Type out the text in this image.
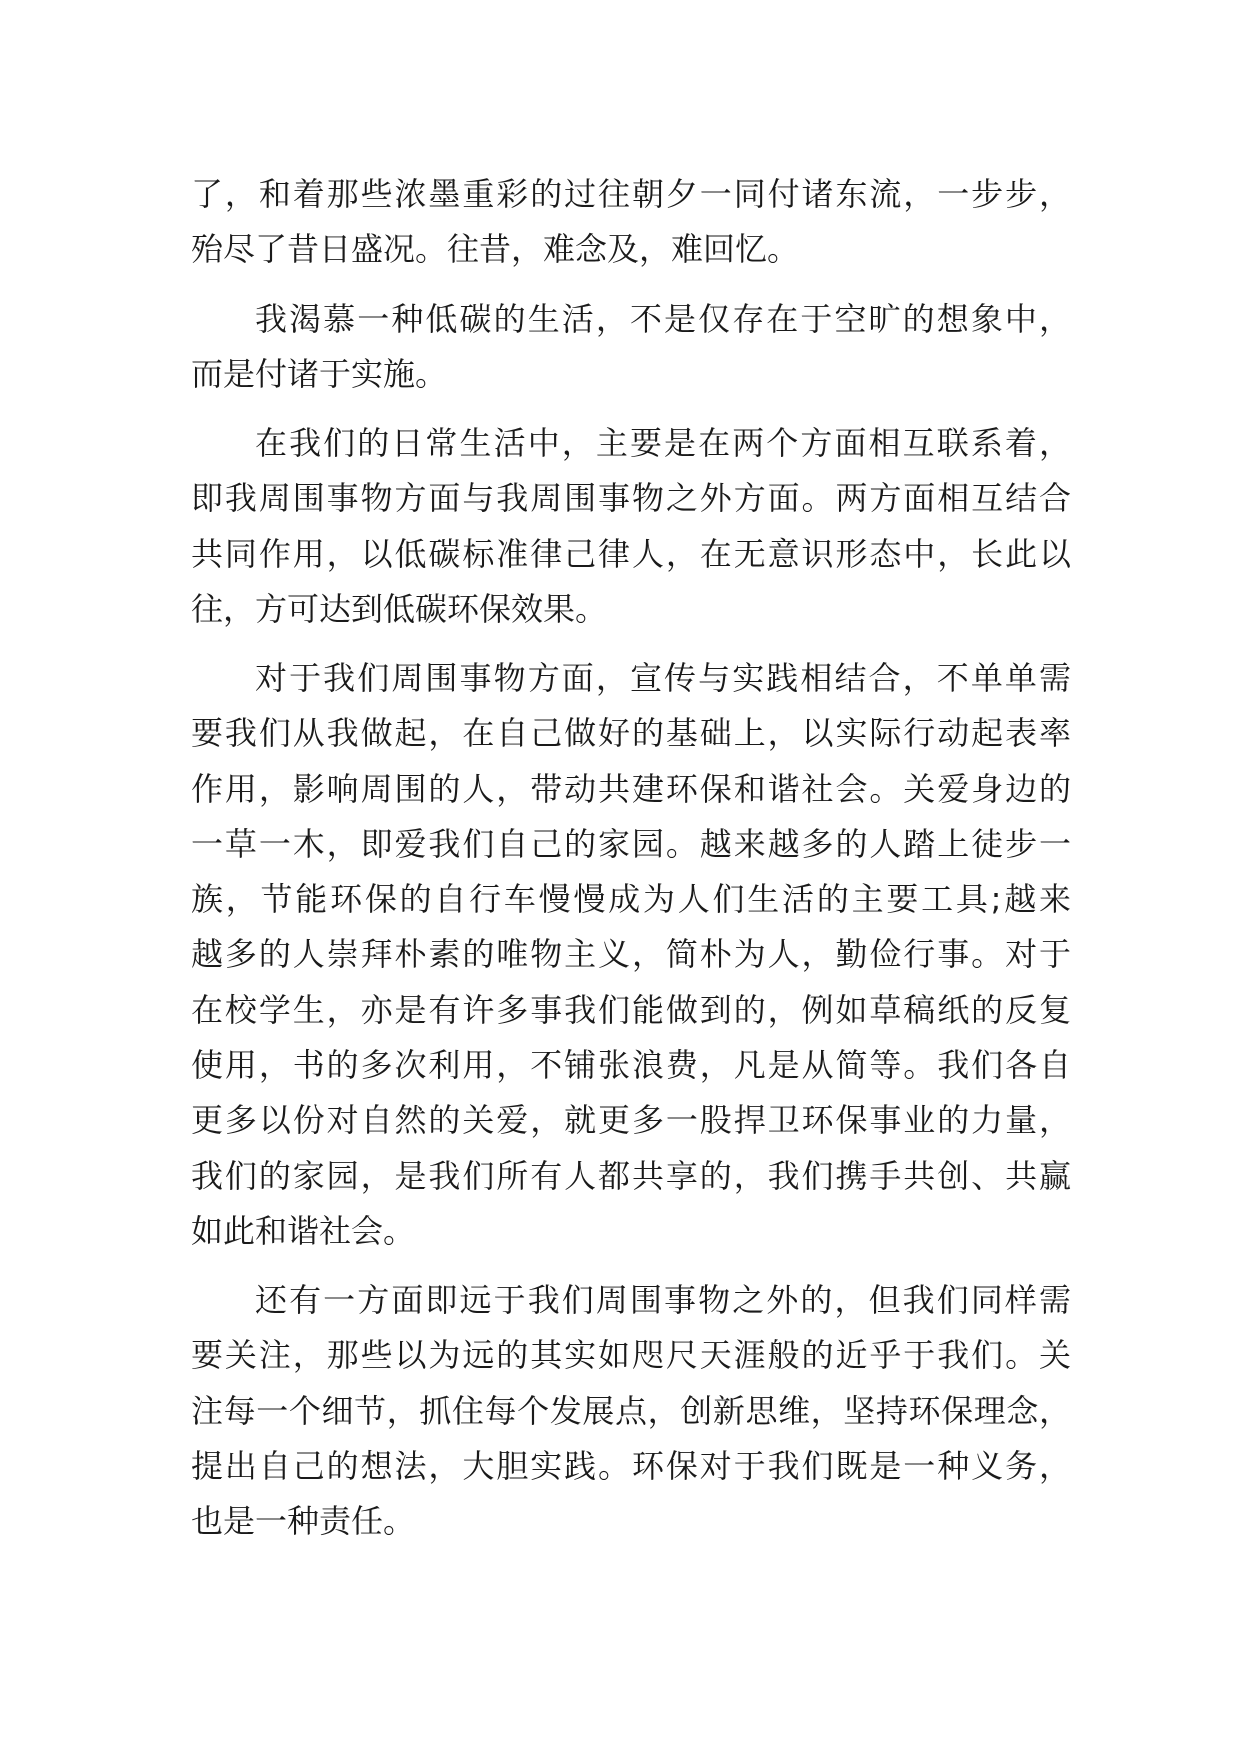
了，和着那些浓墨重彩的过往朝夕一同付诸东流，一步步，
殆尽了昔日盛况。往昔，难念及，难回忆。
我渴慕一种低碳的生活，不是仅存在于空旷的想象中，
而是付诸于实施。
在我们的日常生活中，主要是在两个方面相互联系着，
即我周围事物方面与我周围事物之外方面。两方面相互结合
共同作用，以低碳标准律己律人，在无意识形态中，长此以
往，方可达到低碳环保效果。
对于我们周围事物方面，宣传与实践相结合，不单单需
要我们从我做起，在自己做好的基础上，以实际行动起表率
作用，影响周围的人，带动共建环保和谐社会。关爱身边的
一草一木，即爱我们自己的家园。越来越多的人踏上徒步一
族，节能环保的自行车慢慢成为人们生活的主要工具;越来
越多的人崇拜朴素的唯物主义，简朴为人，勤俭行事。对于
在校学生，亦是有许多事我们能做到的，例如草稿纸的反复
使用，书的多次利用，不铺张浪费，凡是从简等。我们各自
更多以份对自然的关爱，就更多一股捍卫环保事业的力量，
我们的家园，是我们所有人都共享的，我们携手共创、共赢
如此和谐社会。
还有一方面即远于我们周围事物之外的，但我们同样需
要关注，那些以为远的其实如咫尺天涯般的近乎于我们。关
注每一个细节，抓住每个发展点，创新思维，坚持环保理念，
提出自己的想法，大胆实践。环保对于我们既是一种义务，
也是一种责任。
